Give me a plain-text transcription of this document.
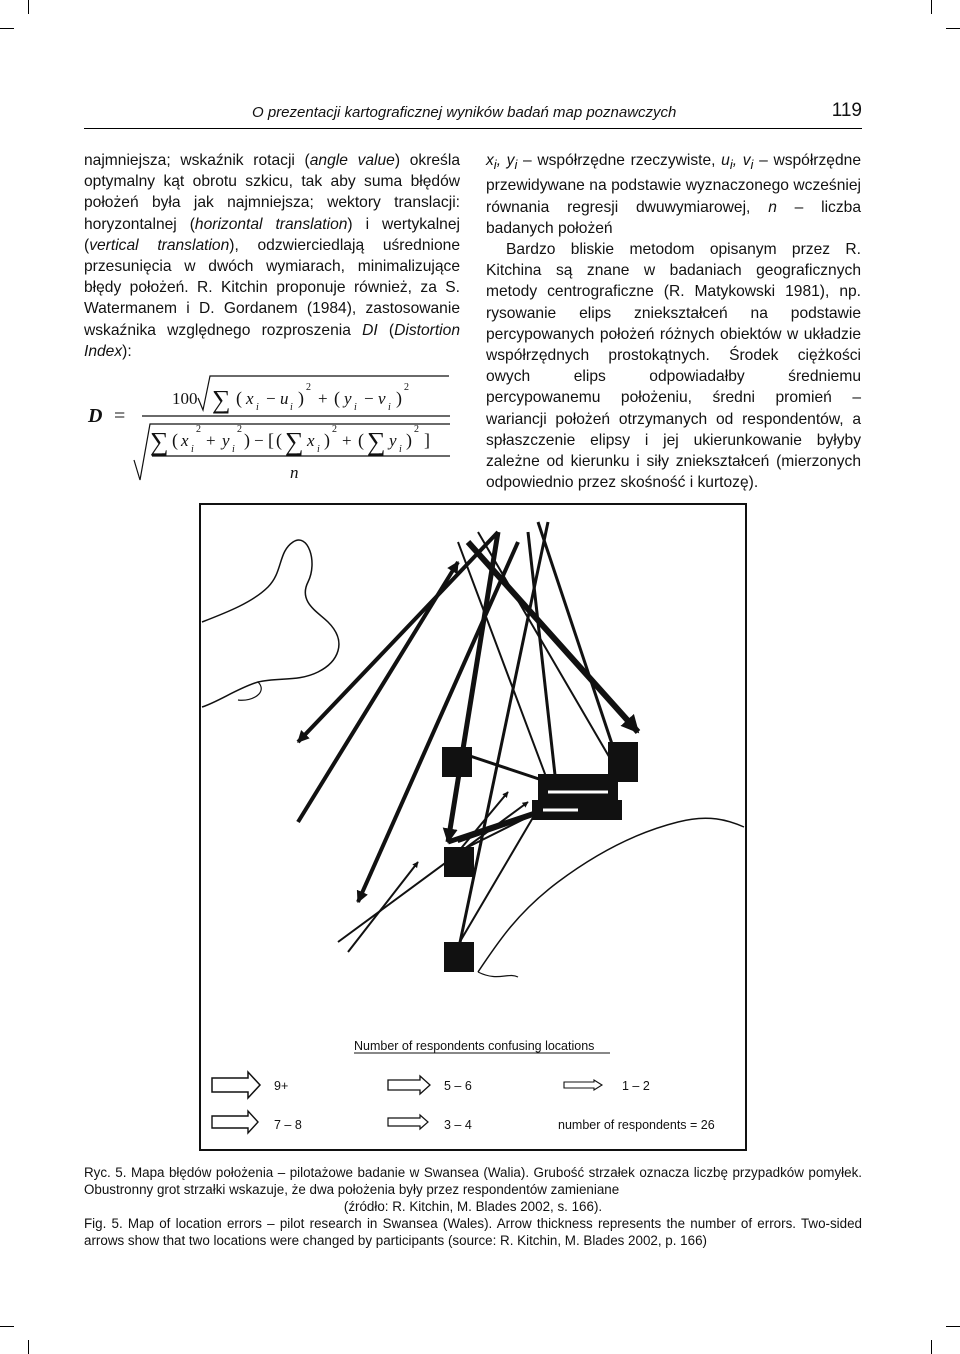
O prezentacji kartograficznej wyników badań map poznawczych	119

najmniejsza; wskaźnik rotacji (angle value) określa optymalny kąt obrotu szkicu, tak aby suma błędów położeń była jak najmniejsza; wektory translacji: horyzontalnej (horizontal translation) i wertykalnej (vertical translation), odzwierciedlają uśrednione przesunięcia w dwóch wymiarach, minimalizujące błędy położeń. R. Kitchin proponuje również, za S. Watermanem i D. Gordanem (1984), zastosowanie wskaźnika względnego rozproszenia DI (Distortion Index):

D =
100 ∑ ( x i − u i )
2
+ ( y i − v i )
2
∑ ( x i
2
+ y i
2
) − [ ( ∑ x i )
2
+ ( ∑ y i )
2
]
n

$x_i$, $y_i$ – współrzędne rzeczywiste, $u_i$, $v_i$ – współrzędne przewidywane na podstawie wyznaczonego wcześniej równania regresji dwuwymiarowej, n – liczba badanych położeń

Bardzo bliskie metodom opisanym przez R. Kitchina są znane w badaniach geograficznych metody centrograficzne (R. Matykowski 1981), np. rysowanie elips zniekształceń na podstawie percypowanych położeń różnych obiektów w układzie współrzędnych prostokątnych. Środek ciężkości owych elips odpowiadałby średniemu percypowanemu położeniu, średni promień – wariancji położeń otrzymanych od respondentów, a spłaszczenie elipsy i jej ukierunkowanie byłyby zależne od kierunku i siły zniekształceń (mierzonych odpowiednio przez skośność i kurtozę).

Number of respondents confusing locations
9+	5 – 6	1 – 2
7 – 8	3 – 4	number of respondents = 26
Ryc. 5. Mapa błędów położenia – pilotażowe badanie w Swansea (Walia). Grubość strzałek oznacza liczbę przypadków pomyłek. Obustronny grot strzałki wskazuje, że dwa położenia były przez respondentów zamieniane
(źródło: R. Kitchin, M. Blades 2002, s. 166).
Fig. 5. Map of location errors – pilot research in Swansea (Wales). Arrow thickness represents the number of errors. Two-sided arrows show that two locations were changed by participants (source: R. Kitchin, M. Blades 2002, p. 166)
